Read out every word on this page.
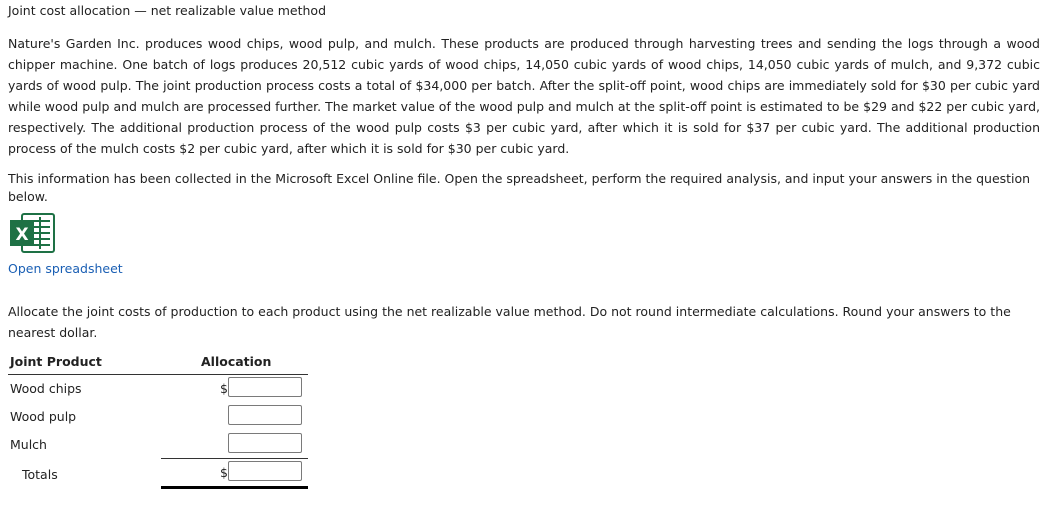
Joint cost allocation — net realizable value method

Nature's Garden Inc. produces wood chips, wood pulp, and mulch. These products are produced through harvesting trees and sending the logs through a wood chipper machine. One batch of logs produces 20,512 cubic yards of wood chips, 14,050 cubic yards of wood chips, 14,050 cubic yards of mulch, and 9,372 cubic yards of wood pulp. The joint production process costs a total of $34,000 per batch. After the split-off point, wood chips are immediately sold for $30 per cubic yard while wood pulp and mulch are processed further. The market value of the wood pulp and mulch at the split-off point is estimated to be $29 and $22 per cubic yard, respectively. The additional production process of the wood pulp costs $3 per cubic yard, after which it is sold for $37 per cubic yard. The additional production process of the mulch costs $2 per cubic yard, after which it is sold for $30 per cubic yard.

This information has been collected in the Microsoft Excel Online file. Open the spreadsheet, perform the required analysis, and input your answers in the question below.

X
Open spreadsheet

Allocate the joint costs of production to each product using the net realizable value method. Do not round intermediate calculations. Round your answers to the nearest dollar.

Joint Product	Allocation
Wood chips	$
Wood pulp
Mulch
Totals	$
